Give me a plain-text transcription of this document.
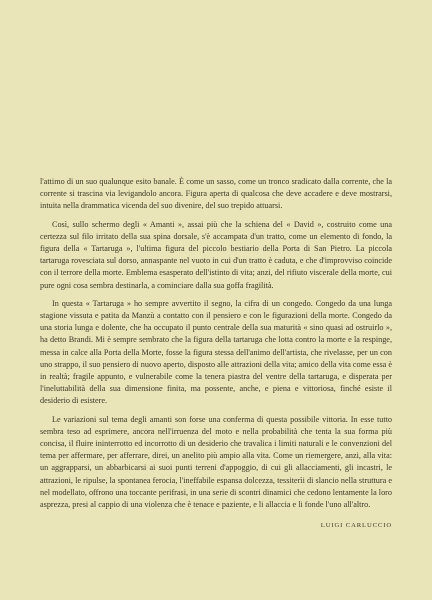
l'attimo di un suo qualunque esito banale. È come un sasso, come un tronco sradicato dalla corrente, che la corrente si trascina via levigandolo ancora. Figura aperta di qualcosa che deve accadere e deve mostrarsi, intuita nella drammatica vicenda del suo divenire, del suo trepido attuarsi.

Così, sullo schermo degli « Amanti », assai più che la schiena del « David », costruito come una certezza sul filo irritato della sua spina dorsale, s'è accampata d'un tratto, come un elemento di fondo, la figura della « Tartaruga », l'ultima figura del piccolo bestiario della Porta di San Pietro. La piccola tartaruga rovesciata sul dorso, annaspante nel vuoto in cui d'un tratto è caduta, e che d'improvviso coincide con il terrore della morte. Emblema esasperato dell'istinto di vita; anzi, del rifiuto viscerale della morte, cui pure ogni cosa sembra destinarla, a cominciare dalla sua goffa fragilità.

In questa « Tartaruga » ho sempre avvertito il segno, la cifra di un congedo. Congedo da una lunga stagione vissuta e patita da Manzù a contatto con il pensiero e con le figurazioni della morte. Congedo da una storia lunga e dolente, che ha occupato il punto centrale della sua maturità « sino quasi ad ostruirlo », ha detto Brandi. Mi è sempre sembrato che la figura della tartaruga che lotta contro la morte e la respinge, messa in calce alla Porta della Morte, fosse la figura stessa dell'animo dell'artista, che rivelasse, per un con uno strappo, il suo pensiero di nuovo aperto, disposto alle attrazioni della vita; amico della vita come essa è in realtà; fragile appunto, e vulnerabile come la tenera piastra del ventre della tartaruga, e disperata per l'ineluttabilità della sua dimensione finita, ma possente, anche, e piena e vittoriosa, finché esiste il desiderio di esistere.

Le variazioni sul tema degli amanti son forse una conferma di questa possibile vittoria. In esse tutto sembra teso ad esprimere, ancora nell'irruenza del moto e nella probabilità che tenta la sua forma più concisa, il fluire ininterrotto ed incorrotto di un desiderio che travalica i limiti naturali e le convenzioni del tema per affermare, per afferrare, direi, un anelito più ampio alla vita. Come un riemergere, anzi, alla vita: un aggrapparsi, un abbarbicarsi ai suoi punti terreni d'appoggio, di cui gli allacciamenti, gli incastri, le attrazioni, le ripulse, la spontanea ferocia, l'ineffabile espansa dolcezza, tessiterìi di slancio nella struttura e nel modellato, offrono una toccante perifrasi, in una serie di scontri dinamici che cedono lentamente la loro asprezza, presi al cappio di una violenza che è tenace e paziente, e li allaccia e li fonde l'uno all'altro.

LUIGI CARLUCCIO
